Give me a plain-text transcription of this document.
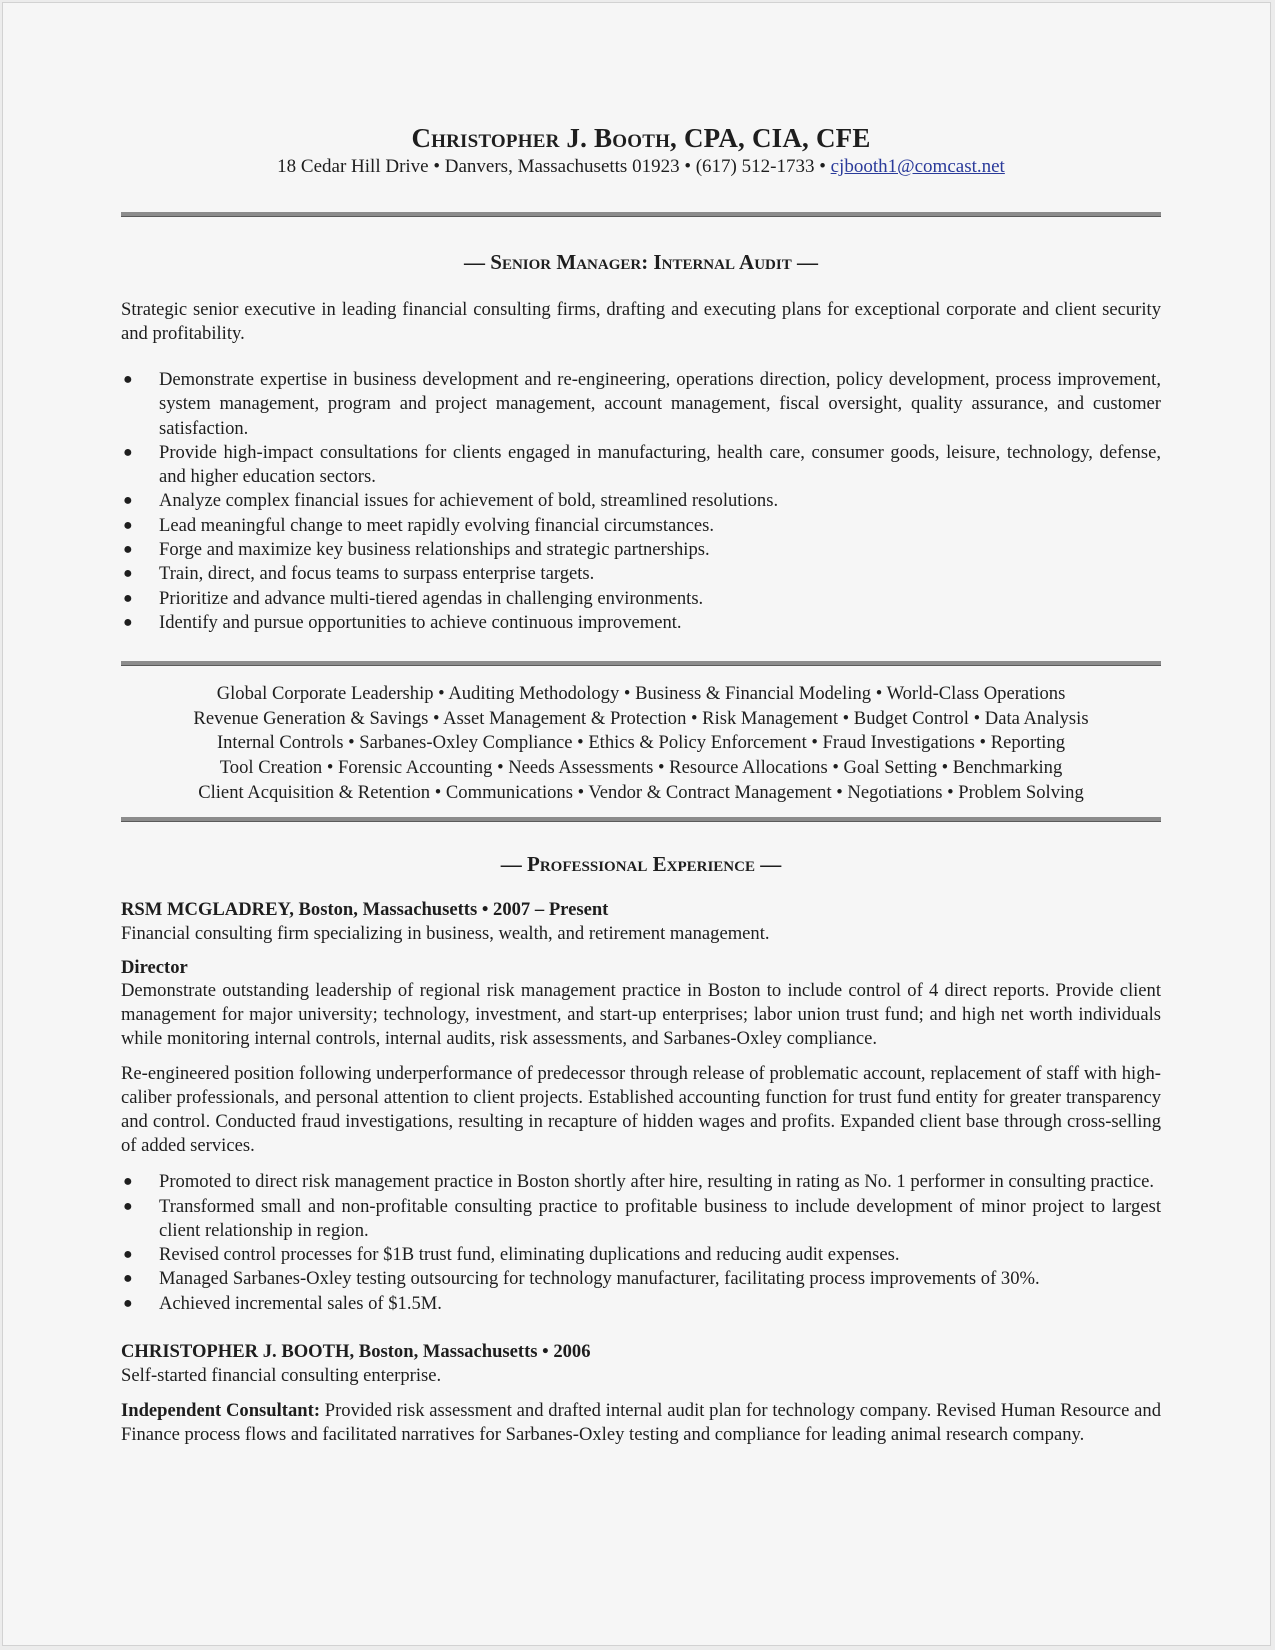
Christopher J. Booth, CPA, CIA, CFE
18 Cedar Hill Drive • Danvers, Massachusetts 01923 • (617) 512-1733 • cjbooth1@comcast.net
— Senior Manager: Internal Audit —

Strategic senior executive in leading financial consulting firms, drafting and executing plans for exceptional corporate and client security and profitability.

● Demonstrate expertise in business development and re-engineering, operations direction, policy development, process improvement, system management, program and project management, account management, fiscal oversight, quality assurance, and customer satisfaction.
● Provide high-impact consultations for clients engaged in manufacturing, health care, consumer goods, leisure, technology, defense, and higher education sectors.
● Analyze complex financial issues for achievement of bold, streamlined resolutions.
● Lead meaningful change to meet rapidly evolving financial circumstances.
● Forge and maximize key business relationships and strategic partnerships.
● Train, direct, and focus teams to surpass enterprise targets.
● Prioritize and advance multi-tiered agendas in challenging environments.
● Identify and pursue opportunities to achieve continuous improvement.
Global Corporate Leadership • Auditing Methodology • Business & Financial Modeling • World-Class Operations
Revenue Generation & Savings • Asset Management & Protection • Risk Management • Budget Control • Data Analysis
Internal Controls • Sarbanes-Oxley Compliance • Ethics & Policy Enforcement • Fraud Investigations • Reporting
Tool Creation • Forensic Accounting • Needs Assessments • Resource Allocations • Goal Setting • Benchmarking
Client Acquisition & Retention • Communications • Vendor & Contract Management • Negotiations • Problem Solving
— Professional Experience —
RSM MCGLADREY, Boston, Massachusetts • 2007 – Present

Financial consulting firm specializing in business, wealth, and retirement management.

Director

Demonstrate outstanding leadership of regional risk management practice in Boston to include control of 4 direct reports. Provide client management for major university; technology, investment, and start-up enterprises; labor union trust fund; and high net worth individuals while monitoring internal controls, internal audits, risk assessments, and Sarbanes-Oxley compliance.

Re-engineered position following underperformance of predecessor through release of problematic account, replacement of staff with high-caliber professionals, and personal attention to client projects. Established accounting function for trust fund entity for greater transparency and control. Conducted fraud investigations, resulting in recapture of hidden wages and profits. Expanded client base through cross-selling of added services.

● Promoted to direct risk management practice in Boston shortly after hire, resulting in rating as No. 1 performer in consulting practice.
● Transformed small and non-profitable consulting practice to profitable business to include development of minor project to largest client relationship in region.
● Revised control processes for $1B trust fund, eliminating duplications and reducing audit expenses.
● Managed Sarbanes-Oxley testing outsourcing for technology manufacturer, facilitating process improvements of 30%.
● Achieved incremental sales of $1.5M.
CHRISTOPHER J. BOOTH, Boston, Massachusetts • 2006

Self-started financial consulting enterprise.

Independent Consultant: Provided risk assessment and drafted internal audit plan for technology company. Revised Human Resource and Finance process flows and facilitated narratives for Sarbanes-Oxley testing and compliance for leading animal research company.
